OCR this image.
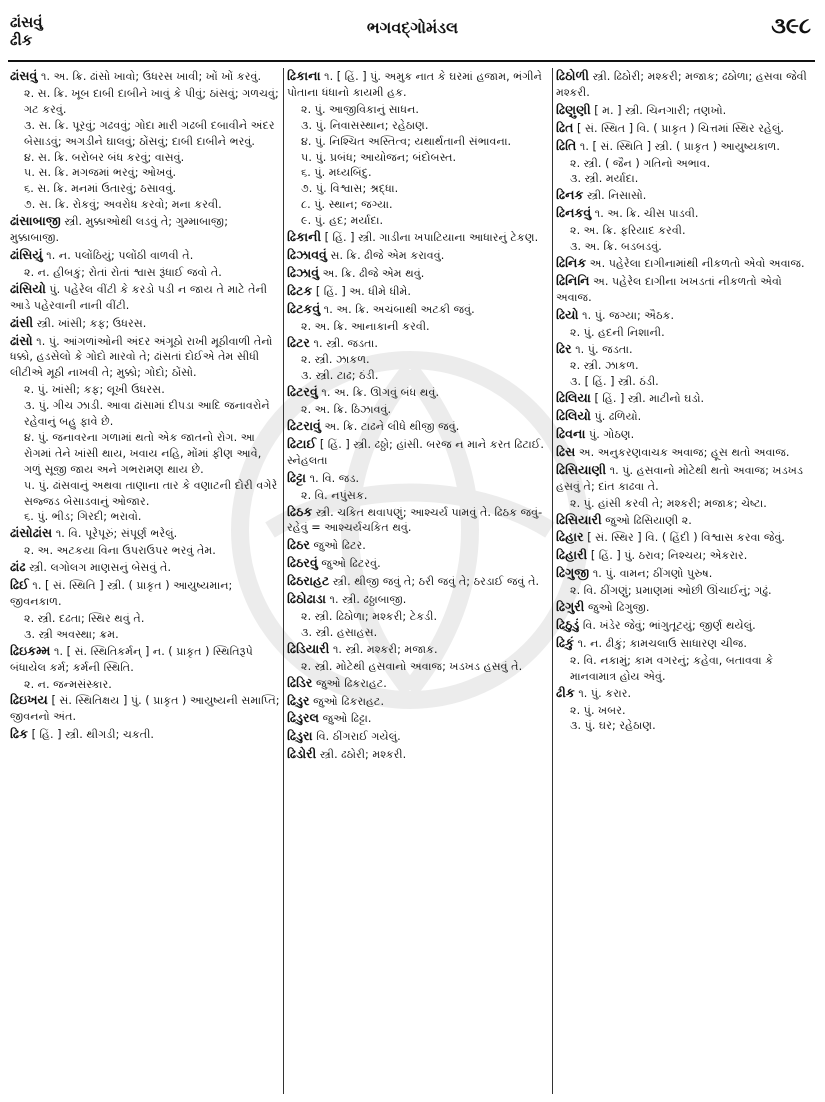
ઢાંસવું
ઢીક
ભગવદ્ગોમંડલ	૩૯૮
ઢાંસવું ૧. અ. ક્રિ. ઢાંસો ખાવો; ઉધરસ ખાવી; ખોં ખોં કરવું.
૨. સ. ક્રિ. ખૂબ દાબી દાબીને ખાવું કે પીવું; ઠાંસવું; ગળચવું; ગટ કરવું.
૩. સ. ક્રિ. પૂરવું; ગઢવવું; ગોદા મારી ગઢબી દબાવીને અંદર બેસાડવું; અગડીને ઘાલવું; ઠોંસવું; દાબી દાબીને ભરવું.
૪. સ. ક્રિ. બરોબર બંધ કરવું; વાસવું.
૫. સ. ક્રિ. મગજમાં ભરવું; ઓખવું.
૬. સ. ક્રિ. મનમાં ઉતારવું; ઠસાવવું.
૭. સ. ક્રિ. રોકવું; અવરોધ કરવો; મના કરવી.
ઢાંસાબાજી સ્ત્રી. મુક્કાઓથી લડવું તે; ગુમ્માબાજી; મુક્કાબાજી.
ઢાંસિયું ૧. ન. પલોંઠિયું; પલોંઠી વાળવી તે.
૨. ન. હીબકું; રોતાં રોતાં શ્વાસ રૂંધાઈ જવો તે.
ઢાંસિયો પું. પહેરેલ વીંટી કે કરડો પડી ન જાય તે માટે તેની આડે પહેરવાની નાની વીંટી.
ઢાંસી સ્ત્રી. ખાંસી; કફ; ઉધરસ.
ઢાંસો ૧. પું. આંગળાંઓની અંદર અંગૂઠો રાખી મૂઠીવાળી તેનો ધક્કો, હડસેલો કે ગોદો મારવો તે; ઢાંસતાં દોઈએ તેમ સીધી લીટીએ મૂઠી નાખવી તે; મુક્કો; ગોદો; ઠોંસો.
૨. પું. ખાંસી; કફ; લૂખી ઉધરસ.
૩. પું. ગીચ ઝાડી. આવા ઢાંસામાં દીપડા આદિ જનાવરોને રહેવાનું બહુ ફાવે છે.
૪. પું. જનાવરના ગળામાં થતો એક જાતનો રોગ. આ રોગમાં તેને ખાંસી થાય, ખવાય નહિ, મોંમાં ફીણ આવે, ગળું સૂજી જાય અને ગભરામણ થાય છે.
૫. પું. ઢાંસવાનું અથવા તાણાના તાર કે વણાટની દોરી વગેરે સજ્જડ બેસાડવાનું ઓજાર.
૬. પું. ભીડ; ગિરદી; ભરાવો.
ઢાંસોઢાંસ ૧. વિ. પૂરેપૂરું; સંપૂર્ણ ભરેલું.
૨. અ. અટકયા વિના ઉપરાઉપર ભરવું તેમ.
ઢાંઢ સ્ત્રી. લગોલગ માણસનું બેસવું તે.
ઢિઈ ૧. [ સં. સ્થિતિ ] સ્ત્રી. ( પ્રાકૃત ) આયુષ્યમાન; જીવનકાળ.
૨. સ્ત્રી. દઢતા; સ્થિર થવું તે.
૩. સ્ત્રી અવસ્થા; ક્રમ.
ઢિઇકમ્મ ૧. [ સં. સ્થિતિકર્મન્ ] ન. ( પ્રાકૃત ) સ્થિતિરૂપે બંધાયેલ કર્મ; કર્મની સ્થિતિ.
૨. ન. જન્મસંસ્કાર.
ઢિઇખય [ સં. સ્થિતિક્ષય ] પું. ( પ્રાકૃત ) આયુષ્યની સમાપ્તિ; જીવનનો અંત.
ઢિક [ હિં. ] સ્ત્રી. થીગડી; ચકતી.
ઢિકાના ૧. [ હિં. ] પું. અમુક નાત કે ઘરમાં હજામ, ભંગીને પોતાના ધંધાનો કાયમી હક.
૨. પું. આજીવિકાનું સાધન.
૩. પું. નિવાસસ્થાન; રહેઠાણ.
૪. પું. નિશ્ચિત અસ્તિત્વ; યથાર્થતાની સંભાવના.
૫. પું. પ્રબંધ; આયોજન; બંદોબસ્ત.
૬. પું. મધ્યબિંદુ.
૭. પું. વિશ્વાસ; શ્રદ્ધા.
૮. પું. સ્થાન; જગ્યા.
૯. પું. હદ; મર્યાદા.
ઢિકાની [ હિં. ] સ્ત્રી. ગાડીના ખપાટિયાના આધારનું ટેકણ.
ઢિઝાવવું સ. ક્રિ. ઢીજે એમ કરાવવું.
ઢિઝાવું અ. ક્રિ. ઢીજે એમ થવું.
ઢિટક [ હિં. ] અ. ધીમે ધીમે.
ઢિટકવું ૧. અ. ક્રિ. અચંબાથી અટકી જવું.
૨. અ. ક્રિ. આનાકાની કરવી.
ઢિટર ૧. સ્ત્રી. જડતા.
૨. સ્ત્રી. ઝાકળ.
૩. સ્ત્રી. ટાઢ; ઠંડી.
ઢિટરવું ૧. અ. ક્રિ. ઊગવું બંધ થવું.
૨. અ. ક્રિ. ઠિઝાવવું.
ઢિટરાવું અ. ક્રિ. ટાઢને લીધે થીજી જવું.
ઢિટાઈ [ હિં. ] સ્ત્રી. ઢઠ્ઠો; હાંસી. બરજ ન માને કરત ઢિટાઈ. સ્નેહલતા
ઢિટ્ટા ૧. વિ. જડ.
૨. વિ. નપુંસક.
ઢિઠક સ્ત્રી. ચકિત થવાપણું; આશ્ચર્ય પામવું તે. ઢિઠક જવું-રહેવું = આશ્ચર્યચકિત થવું.
ઢિઠર જુઓ ઢિટર.
ઢિઠરવું જુઓ ઢિટરવું.
ઢિઠરાહટ સ્ત્રી. થીજી જવું તે; ઠરી જવું તે; ઠરડાઈ જવું તે.
ઢિઠોઢાડા ૧. સ્ત્રી. ઢઠ્ઠાબાજી.
૨. સ્ત્રી. ઢિઠોળા; મશ્કરી; ટેકડી.
૩. સ્ત્રી. હસાહસ.
ઢિડિયારી ૧. સ્ત્રી. મશ્કરી; મજાક.
૨. સ્ત્રી. મોટેથી હસવાનો અવાજ; ખડખડ હસવું તે.
ઢિડિર જુઓ ઢિકરાહટ.
ઢિડુર જુઓ ઢિકરાહટ.
ઢિડુરલ જુઓ ઢિટ્ટા.
ઢિડુરા વિ. ઠીંગરાઈ ગયેલું.
ઢિડોરી સ્ત્રી. ઢઠોરી; મશ્કરી.
ઢિઠોળી સ્ત્રી. ઢિઠોરી; મશ્કરી; મજાક; ઢઠોળા; હસવા જેવી મશ્કરી.
ઢિણુણી [ મ. ] સ્ત્રી. ચિનગારી; તણખો.
ઢિત [ સં. સ્થિત ] વિ. ( પ્રાકૃત ) ચિત્તમાં સ્થિર રહેલું.
ઢિતિ ૧. [ સં. સ્થિતિ ] સ્ત્રી. ( પ્રાકૃત ) આયુષ્યકાળ.
૨. સ્ત્રી. ( જૈન ) ગતિનો અભાવ.
૩. સ્ત્રી. મર્યાદા.
ઢિનક સ્ત્રી. નિસાસો.
ઢિનકવું ૧. અ. ક્રિ. ચીસ પાડવી.
૨. અ. ક્રિ. ફરિયાદ કરવી.
૩. અ. ક્રિ. બડબડવું.
ઢિનિક અ. પહેરેલા દાગીનામાંથી નીકળતો એવો અવાજ.
ઢિનિનિ અ. પહેરેલ દાગીના ખખડતાં નીકળતો એવો અવાજ.
ઢિયો ૧. પું. જગ્યા; ઐઠક.
૨. પું. હદની નિશાની.
ઢિર ૧. પું. જડતા.
૨. સ્ત્રી. ઝાકળ.
૩. [ હિં. ] સ્ત્રી. ઠંડી.
ઢિલિયા [ હિં. ] સ્ત્રી. માટીનો ઘડો.
ઢિલિયો પું. ઢળિયો.
ઢિવના પું. ગોઠણ.
ઢિસ અ. અનુકરણવાચક અવાજ; હૂસ થતો અવાજ.
ઢિસિયાણી ૧. પું. હસવાનો મોટેથી થતો અવાજ; ખડખડ હસવું તે; દાંત કાઢવા તે.
૨. પું. હાંસી કરવી તે; મશ્કરી; મજાક; ચેષ્ટા.
ઢિસિયારી જુઓ ઢિસિયાણી ૨.
ઢિહાર [ સં. સ્થિર ] વિ. ( હિંદી ) વિશ્વાસ કરવા જેવું.
ઢિહારી [ હિં. ] પું. ઠરાવ; નિશ્ચય; એકરાર.
ઢિગુજી ૧. પું. વામન; ઠીંગણો પુરુષ.
૨. વિ. ઠીંગણું; પ્રમાણમાં ઓછી ઊંચાઈનું; ગઢું.
ઢિગુરી જુઓ ઢિગુજી.
ઢિઠુડું વિ. ખંડેર જેવું; ભાંગુતૂટયું; જીર્ણ થયેલું.
ઢિકું ૧. ન. ઢીકું; કામચલાઉ સાધારણ ચીજ.
૨. વિ. નકામું; કામ વગરનું; કહેવા, બતાવવા કે માનવામાત્ર હોય એવું.
ઢીક ૧. પું. કરાર.
૨. પું. ખબર.
૩. પું. ઘર; રહેઠાણ.
